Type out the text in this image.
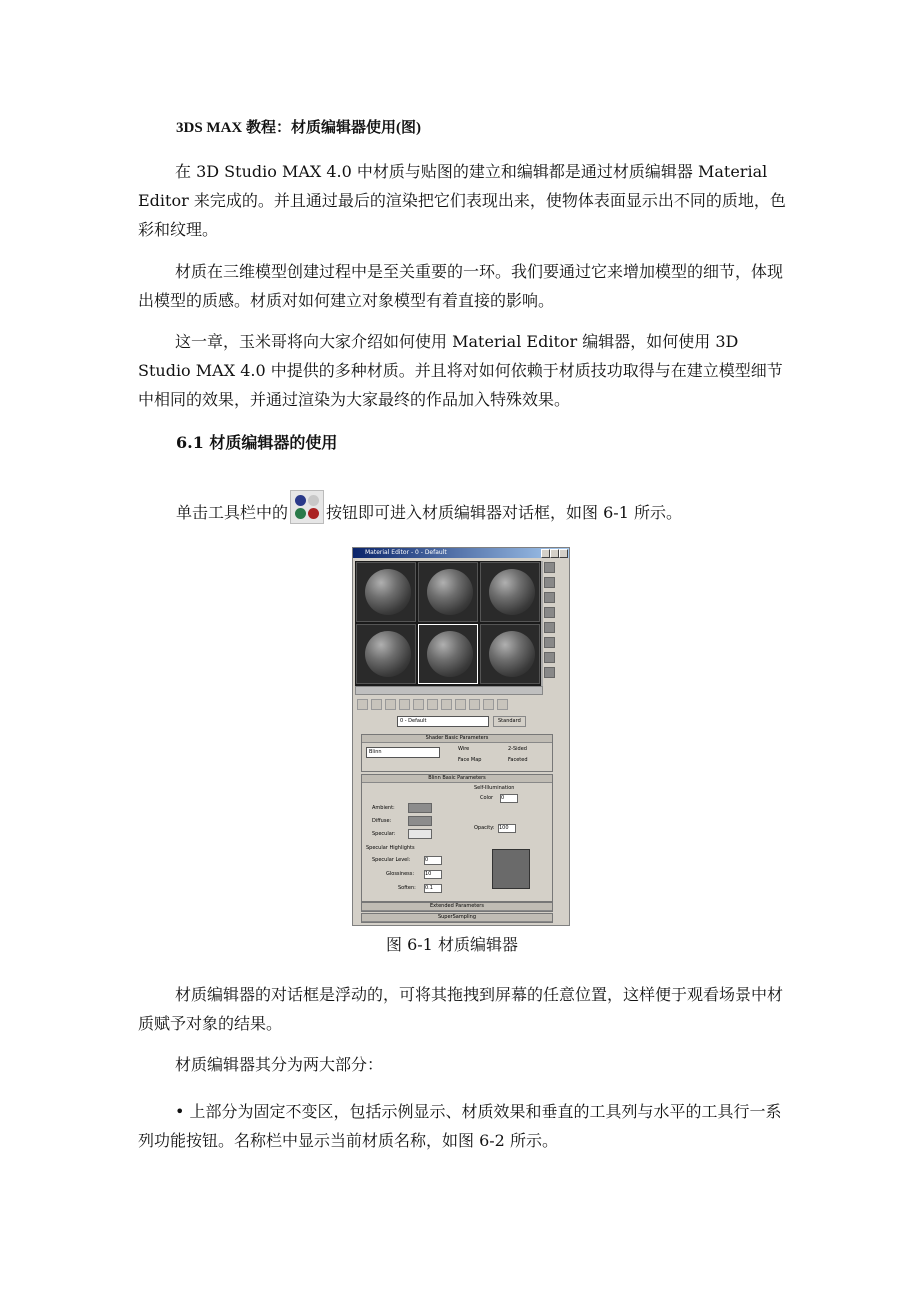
3DS MAX 教程：材质编辑器使用(图)

在 3D Studio MAX 4.0 中材质与贴图的建立和编辑都是通过材质编辑器 Material Editor 来完成的。并且通过最后的渲染把它们表现出来，使物体表面显示出不同的质地，色彩和纹理。

材质在三维模型创建过程中是至关重要的一环。我们要通过它来增加模型的细节，体现出模型的质感。材质对如何建立对象模型有着直接的影响。

这一章，玉米哥将向大家介绍如何使用 Material Editor 编辑器，如何使用 3D Studio MAX 4.0 中提供的多种材质。并且将对如何依赖于材质技功取得与在建立模型细节中相同的效果，并通过渲染为大家最终的作品加入特殊效果。

6.1 材质编辑器的使用
单击工具栏中的 按钮即可进入材质编辑器对话框，如图 6-1 所示。
Material Editor - 0 - Default
0 - Default	Standard
Shader Basic Parameters
Blinn	Wire	2-Sided
Face Map	Faceted
Blinn Basic Parameters
Self-Illumination
Color 0
Ambient:
Diffuse:
Specular:
Opacity: 100
Specular Highlights
Specular Level:	0
Glossiness: 10
Soften: 0.1
Extended Parameters
SuperSampling
图 6-1 材质编辑器

材质编辑器的对话框是浮动的，可将其拖拽到屏幕的任意位置，这样便于观看场景中材质赋予对象的结果。

材质编辑器其分为两大部分：

• 上部分为固定不变区，包括示例显示、材质效果和垂直的工具列与水平的工具行一系列功能按钮。名称栏中显示当前材质名称，如图 6-2 所示。
